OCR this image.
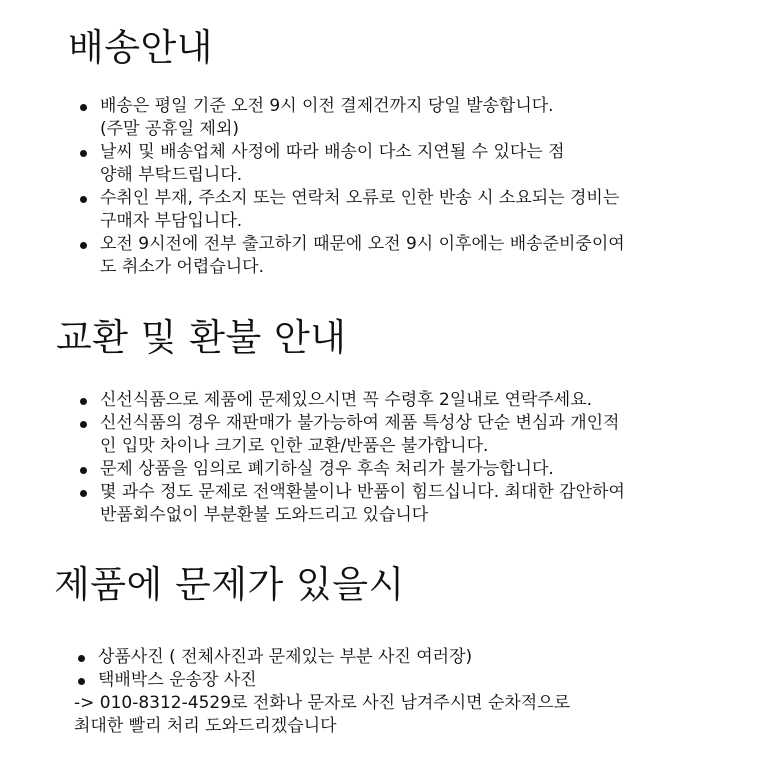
배송안내
배송은 평일 기준 오전 9시 이전 결제건까지 당일 발송합니다.
(주말 공휴일 제외)
날씨 및 배송업체 사정에 따라 배송이 다소 지연될 수 있다는 점
양해 부탁드립니다.
수취인 부재, 주소지 또는 연락처 오류로 인한 반송 시 소요되는 경비는
구매자 부담입니다.
오전 9시전에 전부 출고하기 때문에 오전 9시 이후에는 배송준비중이여
도 취소가 어렵습니다.
교환 및 환불 안내
신선식품으로 제품에 문제있으시면 꼭 수령후 2일내로 연락주세요.
신선식품의 경우 재판매가 불가능하여 제품 특성상 단순 변심과 개인적
인 입맛 차이나 크기로 인한 교환/반품은 불가합니다.
문제 상품을 임의로 폐기하실 경우 후속 처리가 불가능합니다.
몇 과수 정도 문제로 전액환불이나 반품이 힘드십니다. 최대한 감안하여
반품회수없이 부분환불 도와드리고 있습니다
제품에 문제가 있을시
상품사진 ( 전체사진과 문제있는 부분 사진 여러장)
택배박스 운송장 사진

-> 010-8312-4529로 전화나 문자로 사진 남겨주시면 순차적으로

최대한 빨리 처리 도와드리겠습니다
